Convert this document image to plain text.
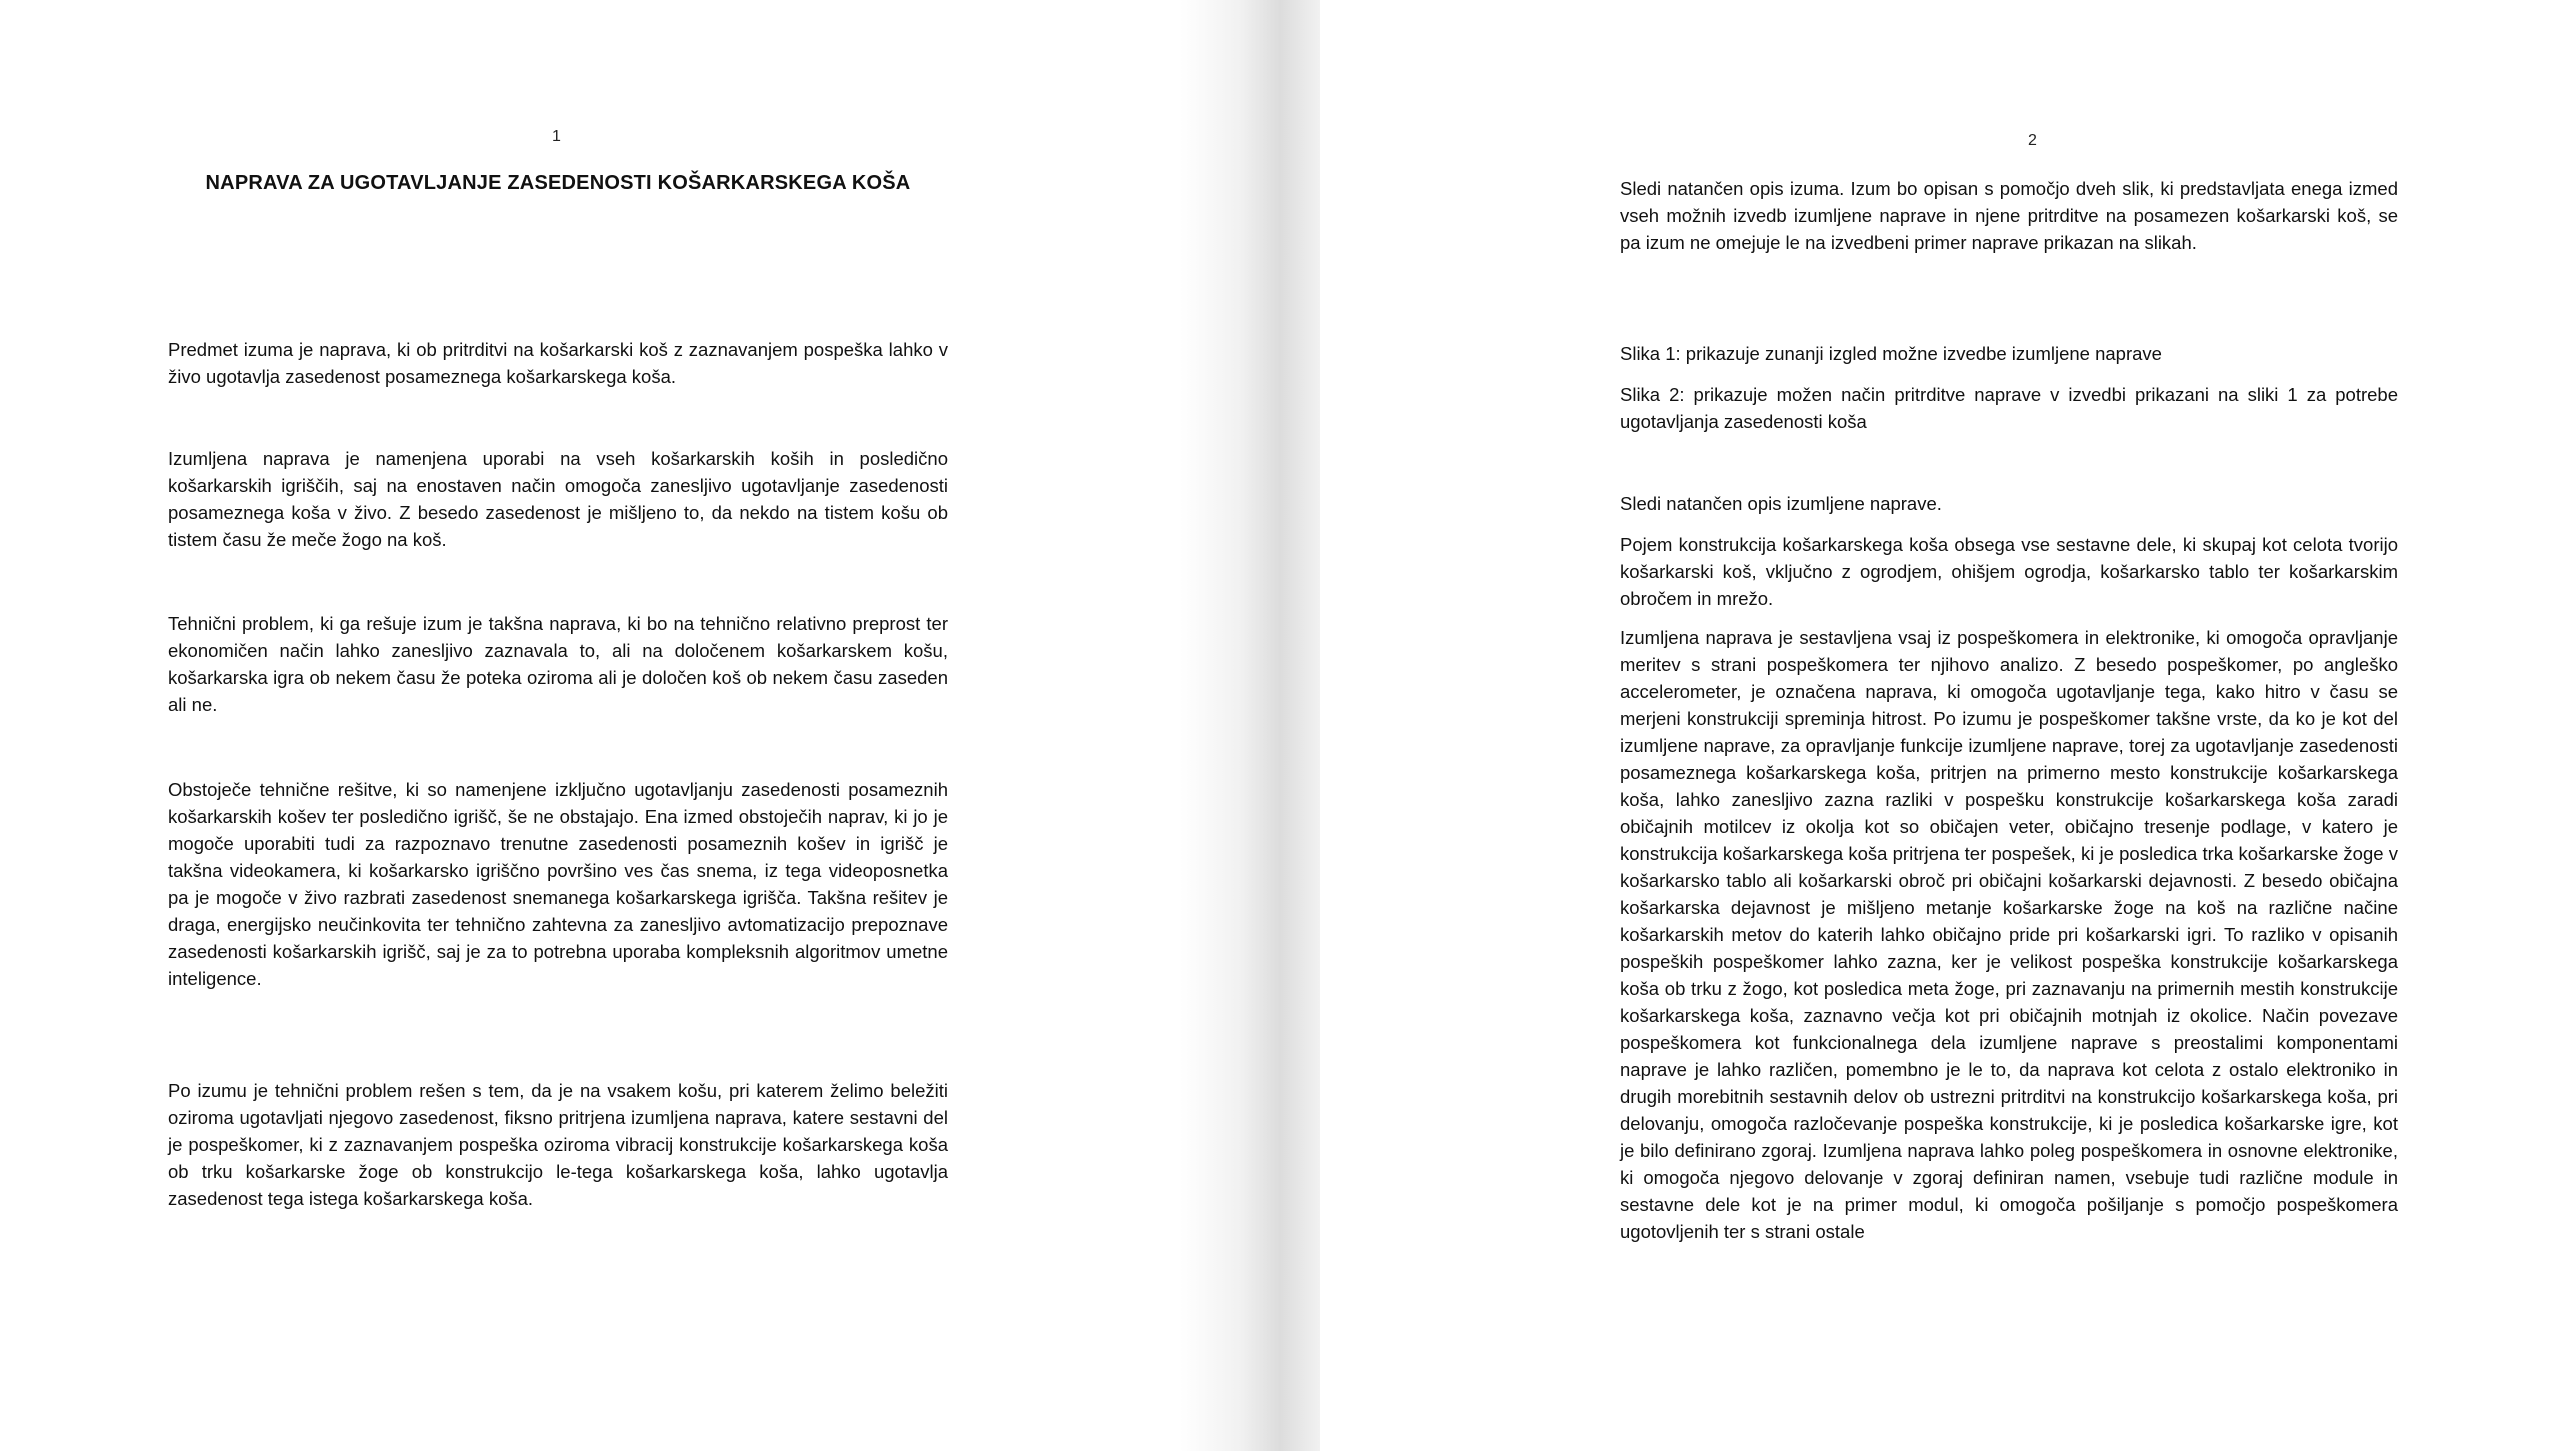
1
NAPRAVA ZA UGOTAVLJANJE ZASEDENOSTI KOŠARKARSKEGA KOŠA

Predmet izuma je naprava, ki ob pritrditvi na košarkarski koš z zaznavanjem pospeška lahko v živo ugotavlja zasedenost posameznega košarkarskega koša.

Izumljena naprava je namenjena uporabi na vseh košarkarskih koših in posledično košarkarskih igriščih, saj na enostaven način omogoča zanesljivo ugotavljanje zasedenosti posameznega koša v živo. Z besedo zasedenost je mišljeno to, da nekdo na tistem košu ob tistem času že meče žogo na koš.

Tehnični problem, ki ga rešuje izum je takšna naprava, ki bo na tehnično relativno preprost ter ekonomičen način lahko zanesljivo zaznavala to, ali na določenem košarkarskem košu, košarkarska igra ob nekem času že poteka oziroma ali je določen koš ob nekem času zaseden ali ne.

Obstoječe tehnične rešitve, ki so namenjene izključno ugotavljanju zasedenosti posameznih košarkarskih košev ter posledično igrišč, še ne obstajajo. Ena izmed obstoječih naprav, ki jo je mogoče uporabiti tudi za razpoznavo trenutne zasedenosti posameznih košev in igrišč je takšna videokamera, ki košarkarsko igriščno površino ves čas snema, iz tega videoposnetka pa je mogoče v živo razbrati zasedenost snemanega košarkarskega igrišča. Takšna rešitev je draga, energijsko neučinkovita ter tehnično zahtevna za zanesljivo avtomatizacijo prepoznave zasedenosti košarkarskih igrišč, saj je za to potrebna uporaba kompleksnih algoritmov umetne inteligence.

Po izumu je tehnični problem rešen s tem, da je na vsakem košu, pri katerem želimo beležiti oziroma ugotavljati njegovo zasedenost, fiksno pritrjena izumljena naprava, katere sestavni del je pospeškomer, ki z zaznavanjem pospeška oziroma vibracij konstrukcije košarkarskega koša ob trku košarkarske žoge ob konstrukcijo le-tega košarkarskega koša, lahko ugotavlja zasedenost tega istega košarkarskega koša.

2

Sledi natančen opis izuma. Izum bo opisan s pomočjo dveh slik, ki predstavljata enega izmed vseh možnih izvedb izumljene naprave in njene pritrditve na posamezen košarkarski koš, se pa izum ne omejuje le na izvedbeni primer naprave prikazan na slikah.

Slika 1: prikazuje zunanji izgled možne izvedbe izumljene naprave

Slika 2: prikazuje možen način pritrditve naprave v izvedbi prikazani na sliki 1 za potrebe ugotavljanja zasedenosti koša

Sledi natančen opis izumljene naprave.

Pojem konstrukcija košarkarskega koša obsega vse sestavne dele, ki skupaj kot celota tvorijo košarkarski koš, vključno z ogrodjem, ohišjem ogrodja, košarkarsko tablo ter košarkarskim obročem in mrežo.

Izumljena naprava je sestavljena vsaj iz pospeškomera in elektronike, ki omogoča opravljanje meritev s strani pospeškomera ter njihovo analizo. Z besedo pospeškomer, po angleško accelerometer, je označena naprava, ki omogoča ugotavljanje tega, kako hitro v času se merjeni konstrukciji spreminja hitrost. Po izumu je pospeškomer takšne vrste, da ko je kot del izumljene naprave, za opravljanje funkcije izumljene naprave, torej za ugotavljanje zasedenosti posameznega košarkarskega koša, pritrjen na primerno mesto konstrukcije košarkarskega koša, lahko zanesljivo zazna razliki v pospešku konstrukcije košarkarskega koša zaradi običajnih motilcev iz okolja kot so običajen veter, običajno tresenje podlage, v katero je konstrukcija košarkarskega koša pritrjena ter pospešek, ki je posledica trka košarkarske žoge v košarkarsko tablo ali košarkarski obroč pri običajni košarkarski dejavnosti. Z besedo običajna košarkarska dejavnost je mišljeno metanje košarkarske žoge na koš na različne načine košarkarskih metov do katerih lahko običajno pride pri košarkarski igri. To razliko v opisanih pospeških pospeškomer lahko zazna, ker je velikost pospeška konstrukcije košarkarskega koša ob trku z žogo, kot posledica meta žoge, pri zaznavanju na primernih mestih konstrukcije košarkarskega koša, zaznavno večja kot pri običajnih motnjah iz okolice. Način povezave pospeškomera kot funkcionalnega dela izumljene naprave s preostalimi komponentami naprave je lahko različen, pomembno je le to, da naprava kot celota z ostalo elektroniko in drugih morebitnih sestavnih delov ob ustrezni pritrditvi na konstrukcijo košarkarskega koša, pri delovanju, omogoča razločevanje pospeška konstrukcije, ki je posledica košarkarske igre, kot je bilo definirano zgoraj. Izumljena naprava lahko poleg pospeškomera in osnovne elektronike, ki omogoča njegovo delovanje v zgoraj definiran namen, vsebuje tudi različne module in sestavne dele kot je na primer modul, ki omogoča pošiljanje s pomočjo pospeškomera ugotovljenih ter s strani ostale
